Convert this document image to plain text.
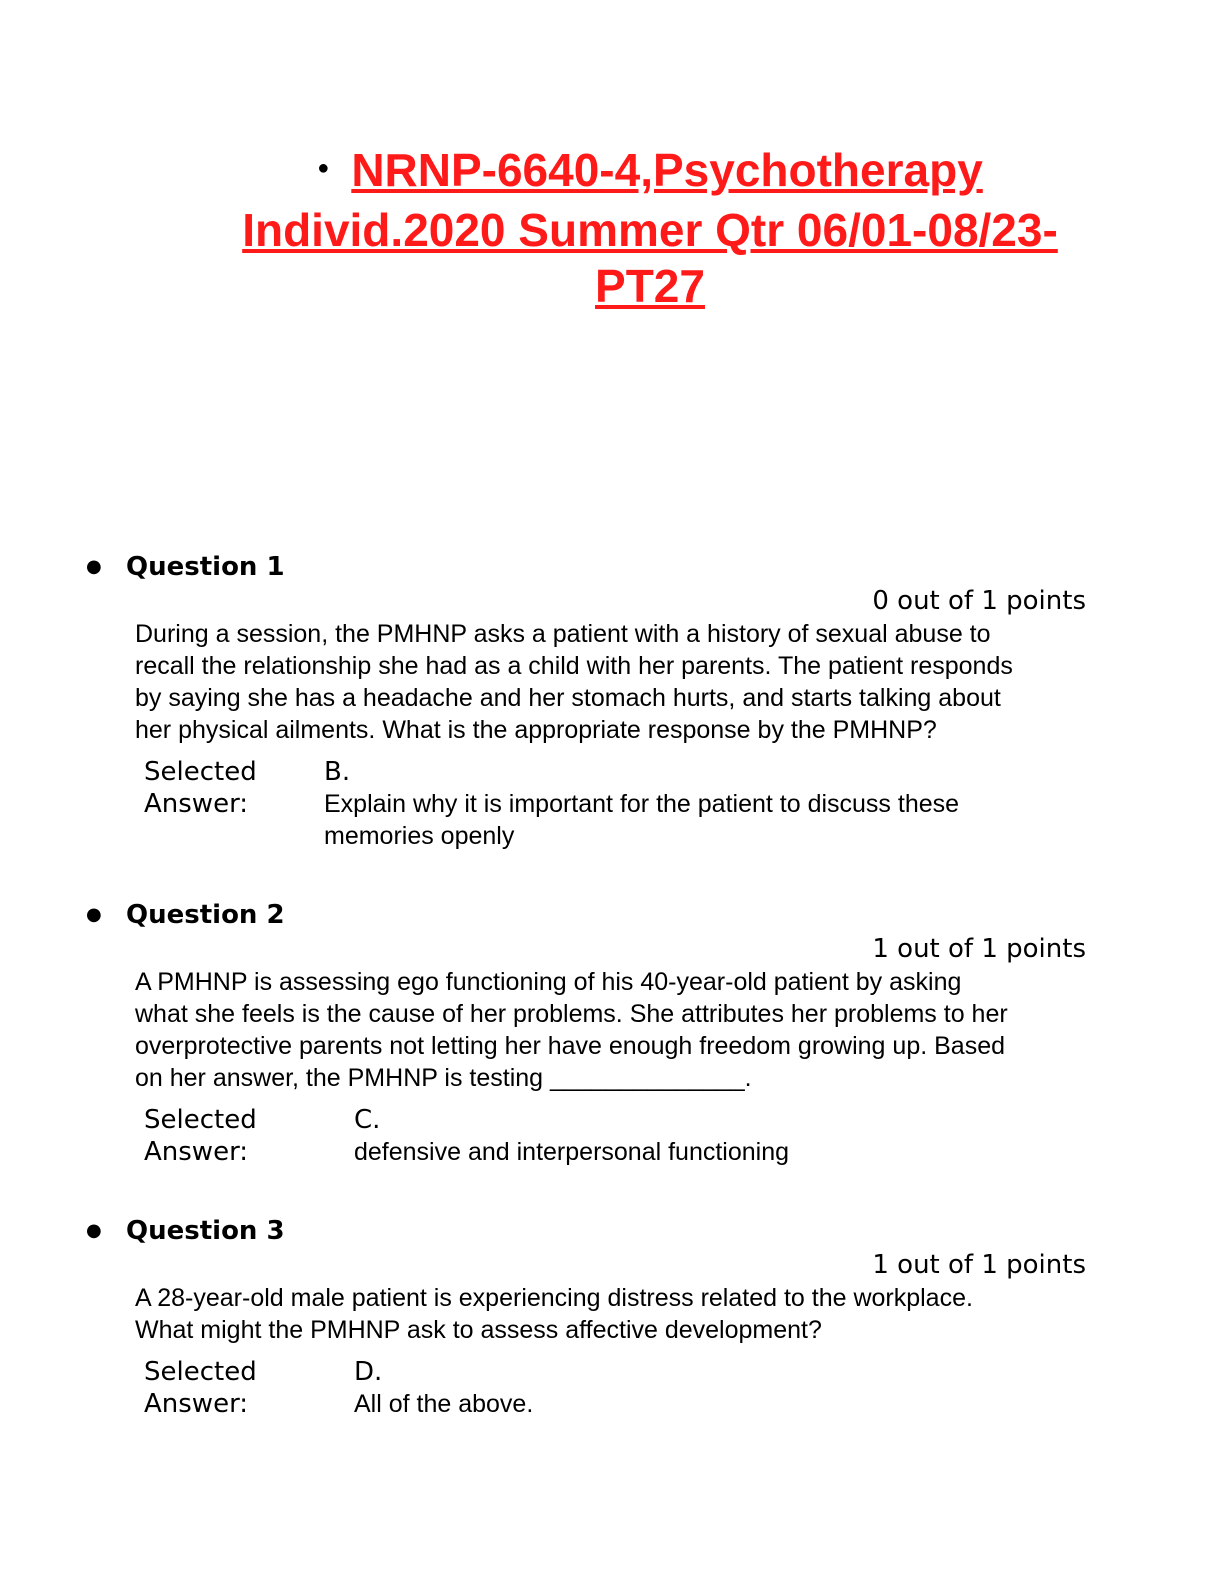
● NRNP-6640-4,Psychotherapy Individ.2020 Summer Qtr 06/01-08/23-PT27
● Question 1
0 out of 1 points
During a session, the PMHNP asks a patient with a history of sexual abuse to recall the relationship she had as a child with her parents. The patient responds by saying she has a headache and her stomach hurts, and starts talking about her physical ailments. What is the appropriate response by the PMHNP?
Selected Answer:
B.
Explain why it is important for the patient to discuss these memories openly
● Question 2
1 out of 1 points
A PMHNP is assessing ego functioning of his 40-year-old patient by asking what she feels is the cause of her problems. She attributes her problems to her overprotective parents not letting her have enough freedom growing up. Based on her answer, the PMHNP is testing ______________.
Selected Answer:
C.
defensive and interpersonal functioning
● Question 3
1 out of 1 points
A 28-year-old male patient is experiencing distress related to the workplace. What might the PMHNP ask to assess affective development?
Selected Answer:
D.
All of the above.
